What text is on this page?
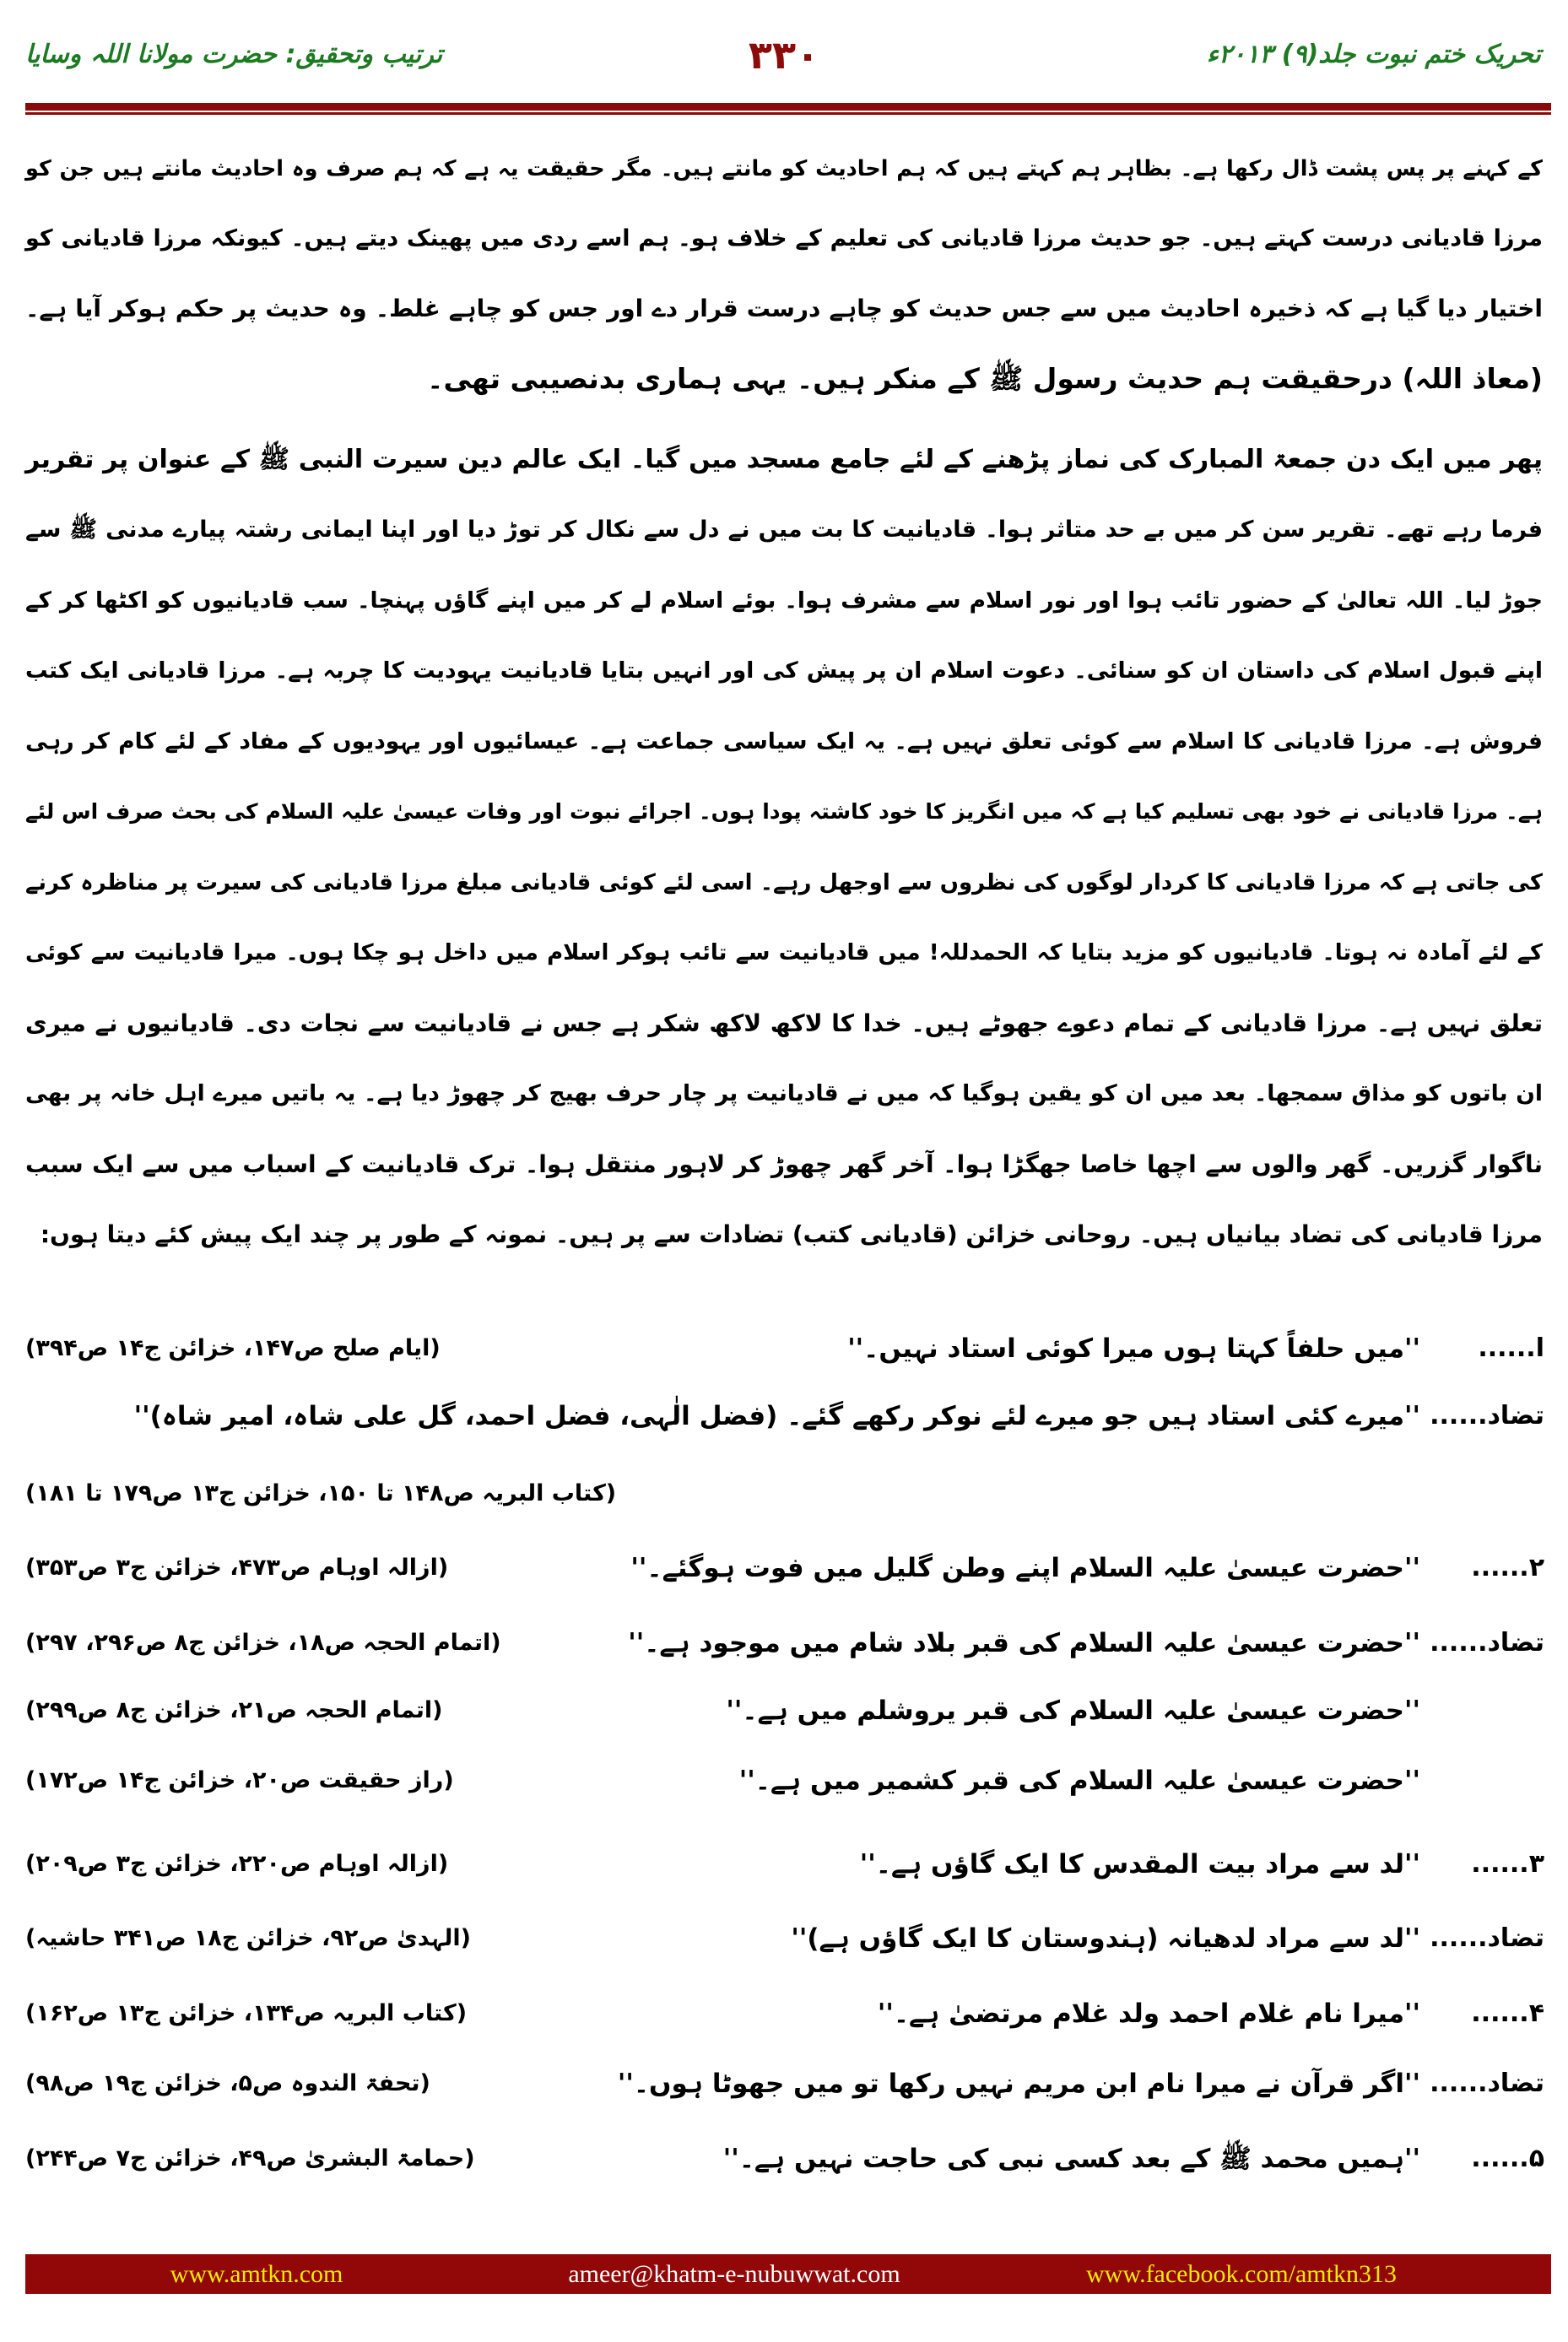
ترتیب وتحقیق: حضرت مولانا اللہ وسایا	۳۳۰	تحریک ختم نبوت جلد(۹) ۲۰۱۳ء
کے کہنے پر پس پشت ڈال رکھا ہے۔ بظاہر ہم کہتے ہیں کہ ہم احادیث کو مانتے ہیں۔ مگر حقیقت یہ ہے کہ ہم صرف وہ احادیث مانتے ہیں جن کو
مرزا قادیانی درست کہتے ہیں۔ جو حدیث مرزا قادیانی کی تعلیم کے خلاف ہو۔ ہم اسے ردی میں پھینک دیتے ہیں۔ کیونکہ مرزا قادیانی کو
اختیار دیا گیا ہے کہ ذخیرہ احادیث میں سے جس حدیث کو چاہے درست قرار دے اور جس کو چاہے غلط۔ وہ حدیث پر حکم ہوکر آیا ہے۔
(معاذ اللہ) درحقیقت ہم حدیث رسول ﷺ کے منکر ہیں۔ یہی ہماری بدنصیبی تھی۔
پھر میں ایک دن جمعۃ المبارک کی نماز پڑھنے کے لئے جامع مسجد میں گیا۔ ایک عالم دین سیرت النبی ﷺ کے عنوان پر تقریر
فرما رہے تھے۔ تقریر سن کر میں بے حد متاثر ہوا۔ قادیانیت کا بت میں نے دل سے نکال کر توڑ دیا اور اپنا ایمانی رشتہ پیارے مدنی ﷺ سے
جوڑ لیا۔ اللہ تعالیٰ کے حضور تائب ہوا اور نور اسلام سے مشرف ہوا۔ بوئے اسلام لے کر میں اپنے گاؤں پہنچا۔ سب قادیانیوں کو اکٹھا کر کے
اپنے قبول اسلام کی داستان ان کو سنائی۔ دعوت اسلام ان پر پیش کی اور انہیں بتایا قادیانیت یہودیت کا چربہ ہے۔ مرزا قادیانی ایک کتب
فروش ہے۔ مرزا قادیانی کا اسلام سے کوئی تعلق نہیں ہے۔ یہ ایک سیاسی جماعت ہے۔ عیسائیوں اور یہودیوں کے مفاد کے لئے کام کر رہی
ہے۔ مرزا قادیانی نے خود بھی تسلیم کیا ہے کہ میں انگریز کا خود کاشتہ پودا ہوں۔ اجرائے نبوت اور وفات عیسیٰ علیہ السلام کی بحث صرف اس لئے
کی جاتی ہے کہ مرزا قادیانی کا کردار لوگوں کی نظروں سے اوجھل رہے۔ اسی لئے کوئی قادیانی مبلغ مرزا قادیانی کی سیرت پر مناظرہ کرنے
کے لئے آمادہ نہ ہوتا۔ قادیانیوں کو مزید بتایا کہ الحمدللہ! میں قادیانیت سے تائب ہوکر اسلام میں داخل ہو چکا ہوں۔ میرا قادیانیت سے کوئی
تعلق نہیں ہے۔ مرزا قادیانی کے تمام دعوے جھوٹے ہیں۔ خدا کا لاکھ لاکھ شکر ہے جس نے قادیانیت سے نجات دی۔ قادیانیوں نے میری
ان باتوں کو مذاق سمجھا۔ بعد میں ان کو یقین ہوگیا کہ میں نے قادیانیت پر چار حرف بھیج کر چھوڑ دیا ہے۔ یہ باتیں میرے اہل خانہ پر بھی
ناگوار گزریں۔ گھر والوں سے اچھا خاصا جھگڑا ہوا۔ آخر گھر چھوڑ کر لاہور منتقل ہوا۔ ترک قادیانیت کے اسباب میں سے ایک سبب
مرزا قادیانی کی تضاد بیانیاں ہیں۔ روحانی خزائن (قادیانی کتب) تضادات سے پر ہیں۔ نمونہ کے طور پر چند ایک پیش کئے دیتا ہوں:
ا......
''میں حلفاً کہتا ہوں میرا کوئی استاد نہیں۔''
(ایام صلح ص۱۴۷، خزائن ج۱۴ ص۳۹۴)
تضاد......
''میرے کئی استاد ہیں جو میرے لئے نوکر رکھے گئے۔ (فضل الٰہی، فضل احمد، گل علی شاہ، امیر شاہ)''
(کتاب البریہ ص۱۴۸ تا ۱۵۰، خزائن ج۱۳ ص۱۷۹ تا ۱۸۱)
۲......
''حضرت عیسیٰ علیہ السلام اپنے وطن گلیل میں فوت ہوگئے۔''
(ازالہ اوہام ص۴۷۳، خزائن ج۳ ص۳۵۳)
تضاد......
''حضرت عیسیٰ علیہ السلام کی قبر بلاد شام میں موجود ہے۔''
(اتمام الحجہ ص۱۸، خزائن ج۸ ص۲۹۶، ۲۹۷)
''حضرت عیسیٰ علیہ السلام کی قبر یروشلم میں ہے۔''
(اتمام الحجہ ص۲۱، خزائن ج۸ ص۲۹۹)
''حضرت عیسیٰ علیہ السلام کی قبر کشمیر میں ہے۔''
(راز حقیقت ص۲۰، خزائن ج۱۴ ص۱۷۲)
۳......
''لد سے مراد بیت المقدس کا ایک گاؤں ہے۔''
(ازالہ اوہام ص۲۲۰، خزائن ج۳ ص۲۰۹)
تضاد......
''لد سے مراد لدھیانہ (ہندوستان کا ایک گاؤں ہے)''
(الہدیٰ ص۹۲، خزائن ج۱۸ ص۳۴۱ حاشیہ)
۴......
''میرا نام غلام احمد ولد غلام مرتضیٰ ہے۔''
(کتاب البریہ ص۱۳۴، خزائن ج۱۳ ص۱۶۲)
تضاد......
''اگر قرآن نے میرا نام ابن مریم نہیں رکھا تو میں جھوٹا ہوں۔''
(تحفۃ الندوہ ص۵، خزائن ج۱۹ ص۹۸)
۵......
''ہمیں محمد ﷺ کے بعد کسی نبی کی حاجت نہیں ہے۔''
(حمامۃ البشریٰ ص۴۹، خزائن ج۷ ص۲۴۴)
www.amtkn.com	ameer@khatm-e-nubuwwat.com	www.facebook.com/amtkn313
